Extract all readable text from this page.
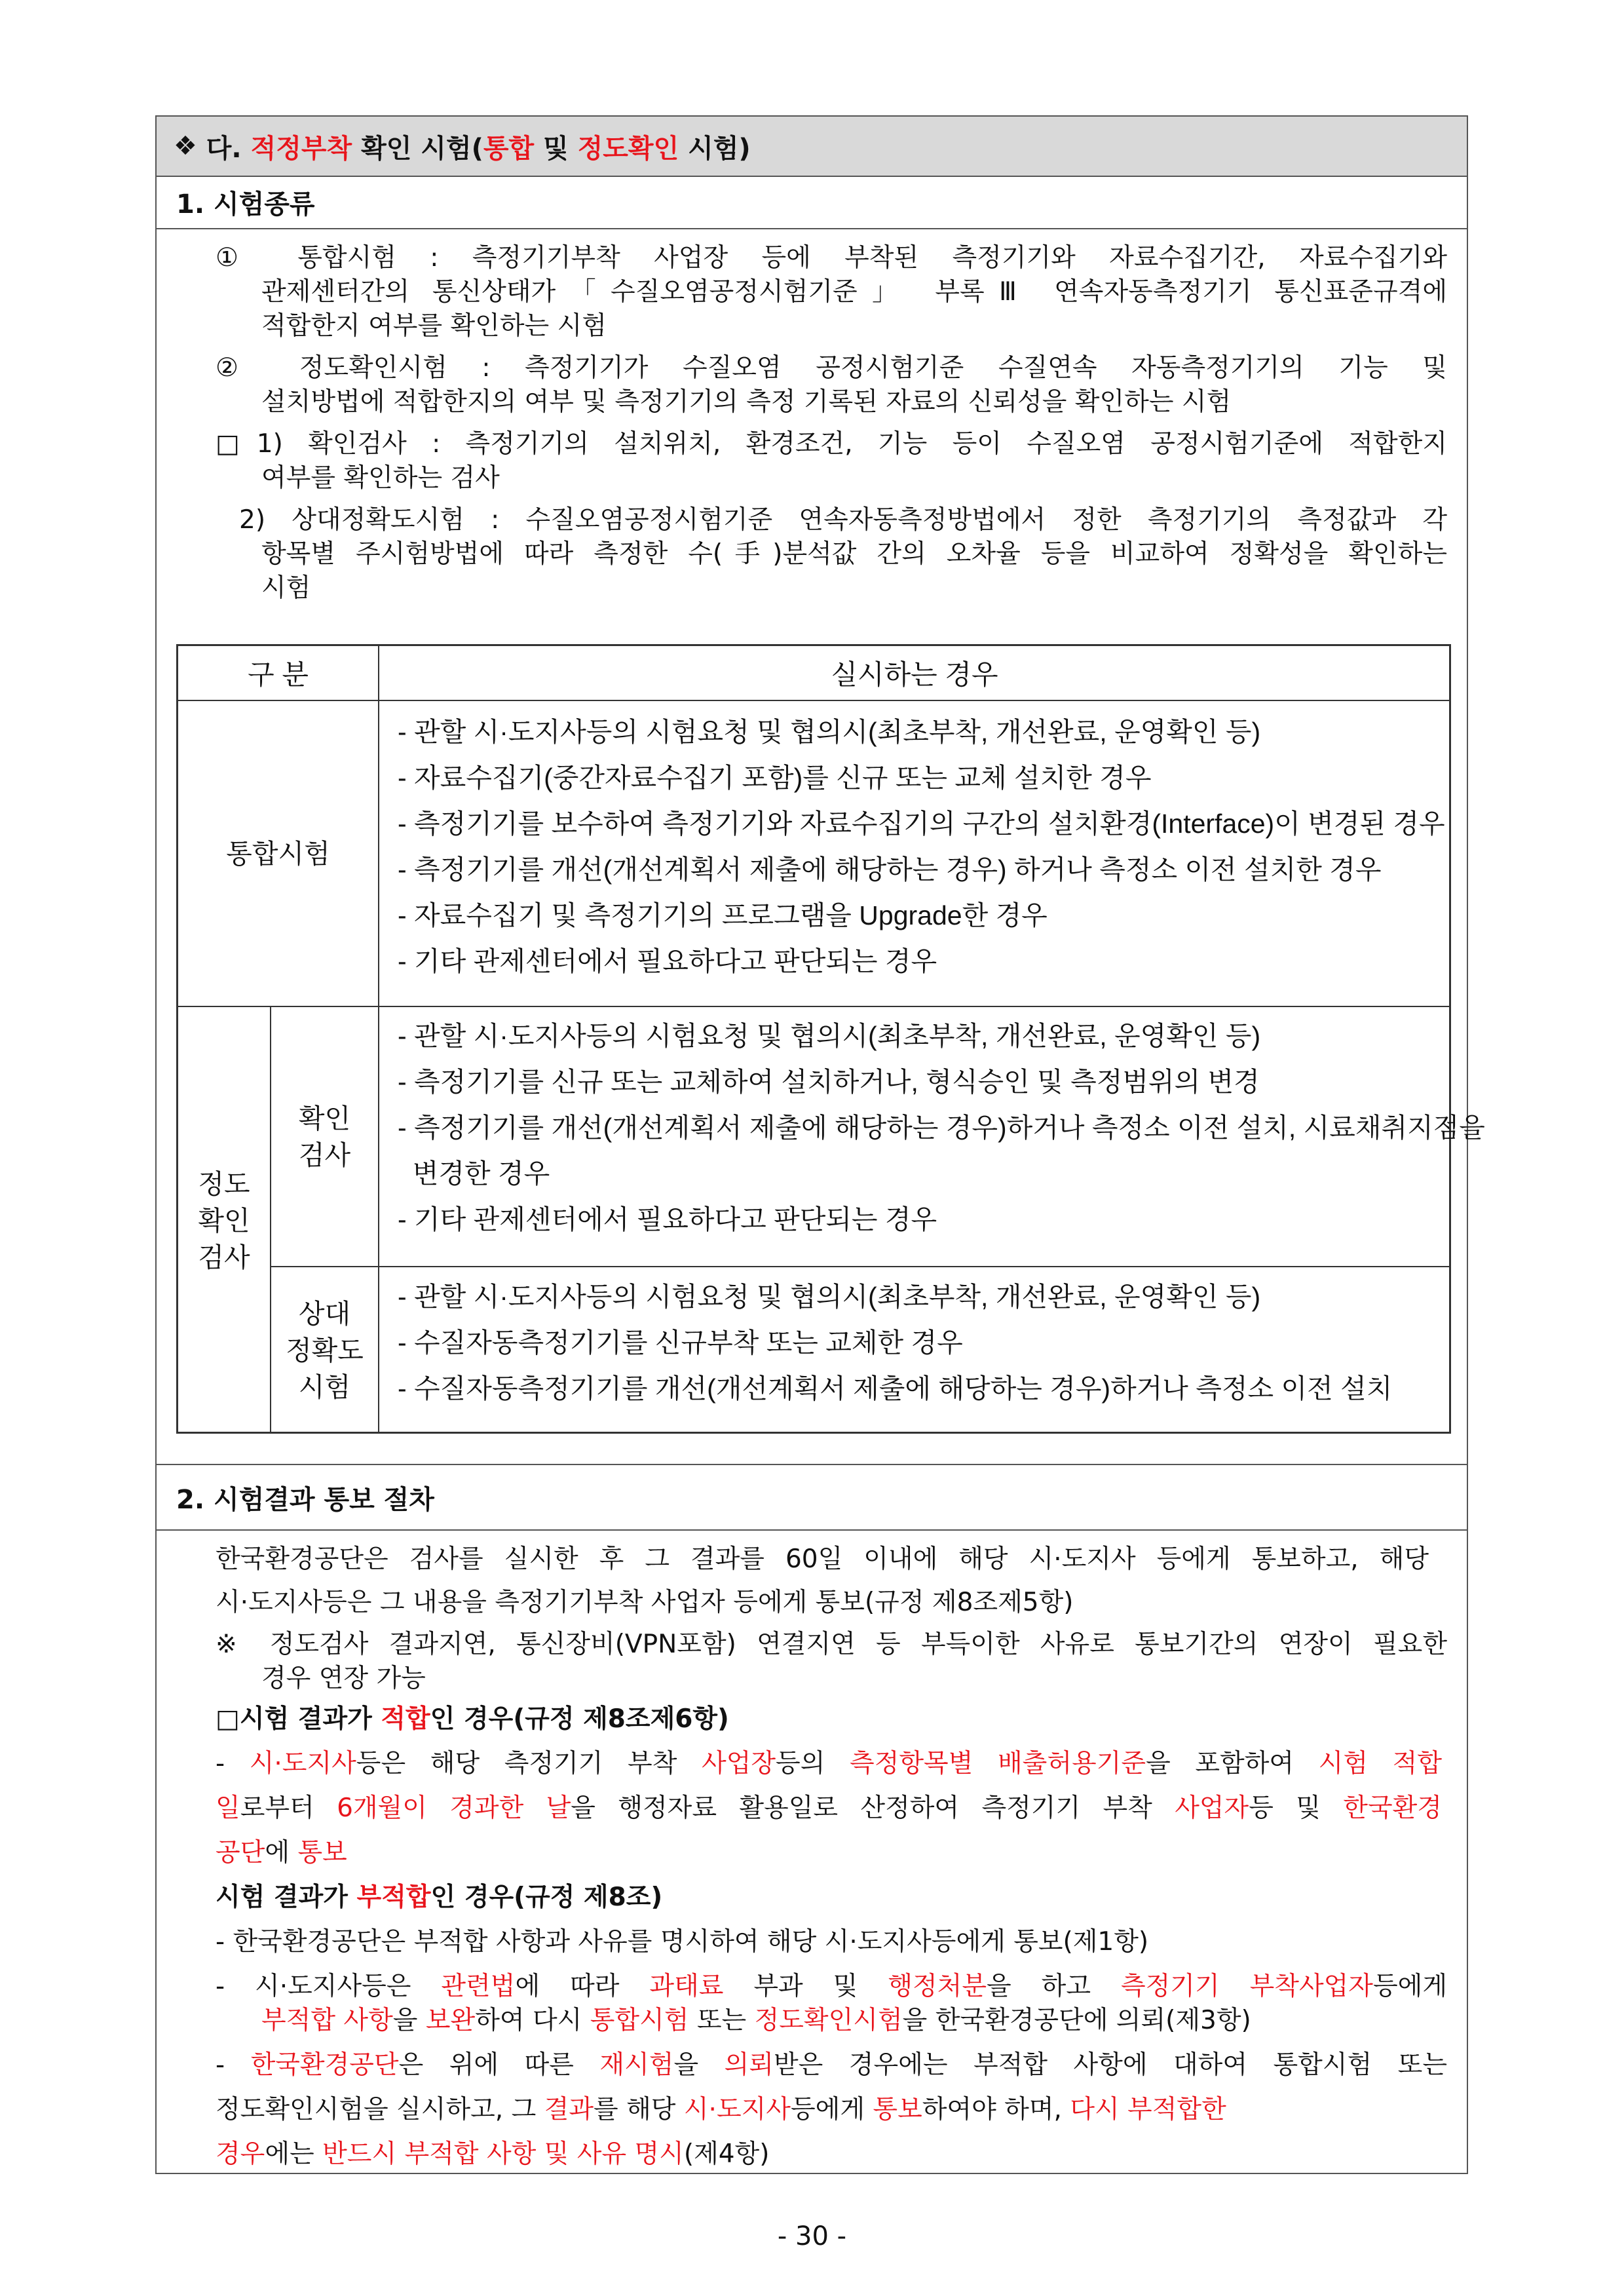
❖
다.
적정부착
확인 시험( 통합
및
정도확인
시험)
1. 시험종류
① 통합시험 : 측정기기부착 사업장 등에 부착된 측정기기와 자료수집기간, 자료수집기와
관제센터간의 통신상태가「수질오염공정시험기준」 부록Ⅲ 연속자동측정기기 통신표준규격에
적합한지 여부를 확인하는 시험
② 정도확인시험 : 측정기기가 수질오염 공정시험기준 수질연속 자동측정기기의 기능 및
설치방법에 적합한지의 여부 및 측정기기의 측정 기록된 자료의 신뢰성을 확인하는 시험
□1) 확인검사 : 측정기기의 설치위치, 환경조건, 기능 등이 수질오염 공정시험기준에 적합한지
여부를 확인하는 검사
2) 상대정확도시험 : 수질오염공정시험기준 연속자동측정방법에서 정한 측정기기의 측정값과 각
항목별 주시험방법에 따라 측정한 수(手)분석값 간의 오차율 등을 비교하여 정확성을 확인하는
시험
구 분	실시하는 경우
통합시험
- 관할 시·도지사등의 시험요청 및 협의시(최초부착, 개선완료, 운영확인 등)
- 자료수집기(중간자료수집기 포함)를 신규 또는 교체 설치한 경우
- 측정기기를 보수하여 측정기기와 자료수집기의 구간의 설치환경(Interface)이 변경된 경우
- 측정기기를 개선(개선계획서 제출에 해당하는 경우) 하거나 측정소 이전 설치한 경우
- 자료수집기 및 측정기기의 프로그램을 Upgrade한 경우
- 기타 관제센터에서 필요하다고 판단되는 경우
정도
확인
검사
확인
검사
- 관할 시·도지사등의 시험요청 및 협의시(최초부착, 개선완료, 운영확인 등)
- 측정기기를 신규 또는 교체하여 설치하거나, 형식승인 및 측정범위의 변경
- 측정기기를 개선(개선계획서 제출에 해당하는 경우)하거나 측정소 이전 설치, 시료채취지점을
변경한 경우
- 기타 관제센터에서 필요하다고 판단되는 경우
상대
정확도
시험
- 관할 시·도지사등의 시험요청 및 협의시(최초부착, 개선완료, 운영확인 등)
- 수질자동측정기기를 신규부착 또는 교체한 경우
- 수질자동측정기기를 개선(개선계획서 제출에 해당하는 경우)하거나 측정소 이전 설치
2. 시험결과 통보 절차
한국환경공단은 검사를 실시한 후 그 결과를 60일 이내에 해당 시·도지사 등에게 통보하고, 해당
시·도지사등은 그 내용을 측정기기부착 사업자 등에게 통보(규정 제8조제5항)
※ 정도검사 결과지연, 통신장비(VPN포함) 연결지연 등 부득이한 사유로 통보기간의 연장이 필요한
경우 연장 가능
□시험 결과가 적합인 경우(규정 제8조제6항)
- 시·도지사등은 해당 측정기기 부착 사업장등의 측정항목별 배출허용기준을 포함하여 시험 적합
일로부터 6개월이 경과한 날을 행정자료 활용일로 산정하여 측정기기 부착 사업자등 및 한국환경
공단에 통보
시험 결과가 부적합인 경우(규정 제8조)
- 한국환경공단은 부적합 사항과 사유를 명시하여 해당 시·도지사등에게 통보(제1항)
- 시·도지사등은 관련법에 따라 과태료 부과 및 행정처분을 하고 측정기기 부착사업자등에게
부적합 사항을 보완하여 다시 통합시험 또는 정도확인시험을 한국환경공단에 의뢰(제3항)
- 한국환경공단은 위에 따른 재시험을 의뢰받은 경우에는 부적합 사항에 대하여 통합시험 또는
정도확인시험을 실시하고, 그 결과를 해당 시·도지사등에게 통보하여야 하며, 다시 부적합한
경우에는 반드시 부적합 사항 및 사유 명시(제4항)
- 30 -
